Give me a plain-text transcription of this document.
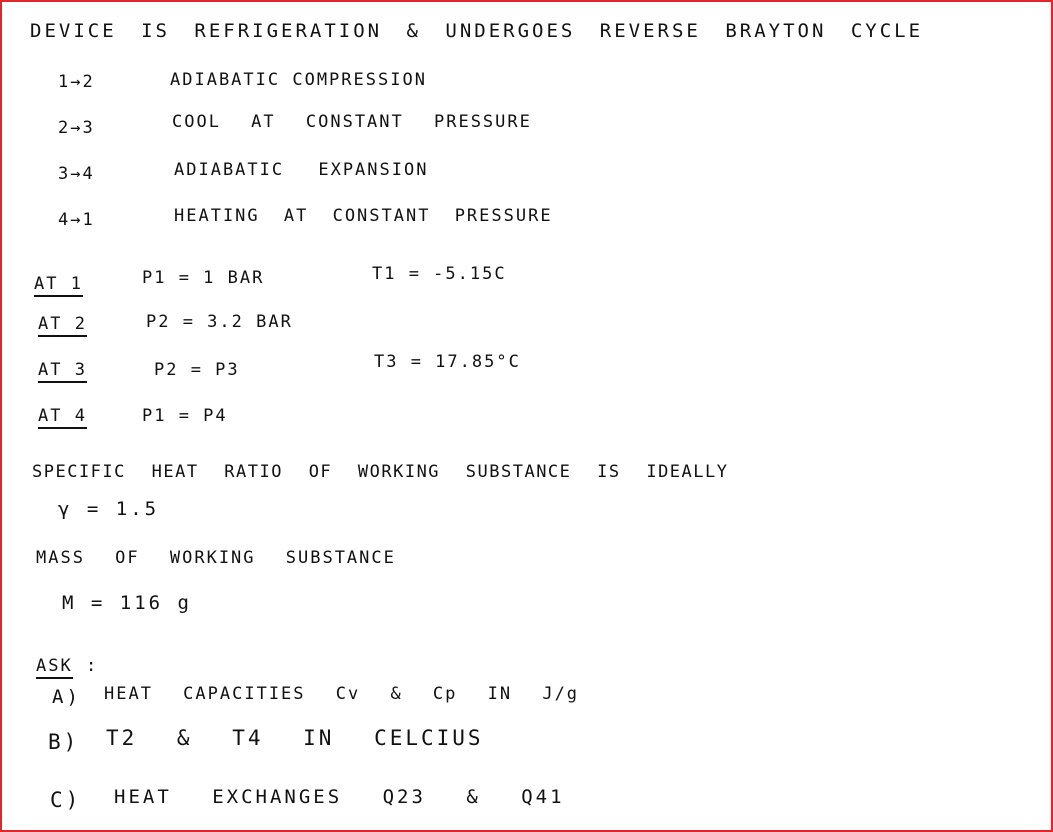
DEVICE IS REFRIGERATION & UNDERGOES REVERSE BRAYTON CYCLE
1→2	ADIABATIC COMPRESSION
2→3	COOL AT CONSTANT PRESSURE
3→4	ADIABATIC EXPANSION
4→1	HEATING AT CONSTANT PRESSURE
AT 1	P1 = 1 BAR	T1 = -5.15C
AT 2	P2 = 3.2 BAR
AT 3	P2 = P3	T3 = 17.85°C
AT 4	P1 = P4
SPECIFIC HEAT RATIO OF WORKING SUBSTANCE IS IDEALLY
γ = 1.5
MASS OF WORKING SUBSTANCE
M = 116 g
ASK :
A) HEAT CAPACITIES Cv & Cp IN J/g
B) T2 & T4 IN CELCIUS
C) HEAT EXCHANGES Q23 & Q41
